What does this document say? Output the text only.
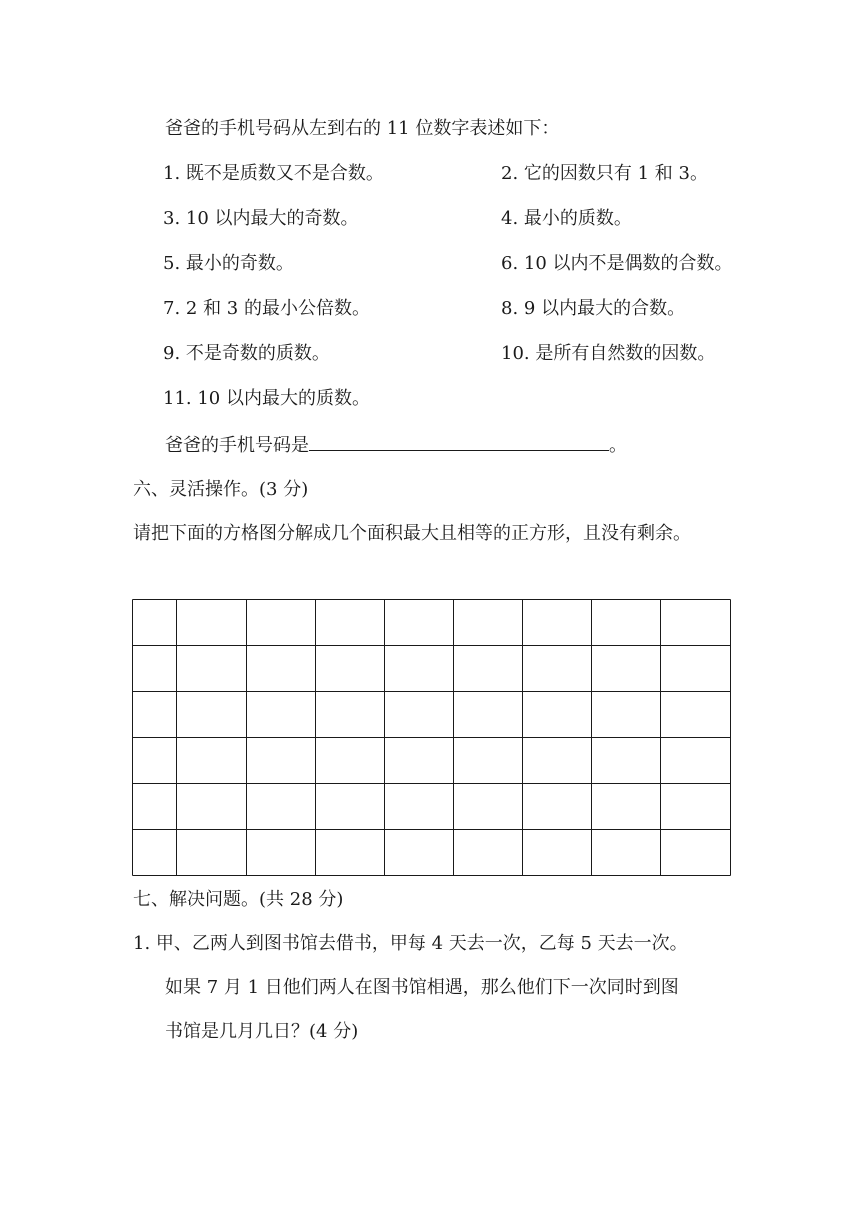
爸爸的手机号码从左到右的 11 位数字表述如下：
1. 既不是质数又不是合数。	2. 它的因数只有 1 和 3。
3. 10 以内最大的奇数。	4. 最小的质数。
5. 最小的奇数。	6. 10 以内不是偶数的合数。
7. 2 和 3 的最小公倍数。	8. 9 以内最大的合数。
9. 不是奇数的质数。	10. 是所有自然数的因数。
11. 10 以内最大的质数。
爸爸的手机号码是	。
六、灵活操作。(3 分)
请把下面的方格图分解成几个面积最大且相等的正方形，且没有剩余。
七、解决问题。(共 28 分)
1. 甲、乙两人到图书馆去借书，甲每 4 天去一次，乙每 5 天去一次。
如果 7 月 1 日他们两人在图书馆相遇，那么他们下一次同时到图
书馆是几月几日？(4 分)
